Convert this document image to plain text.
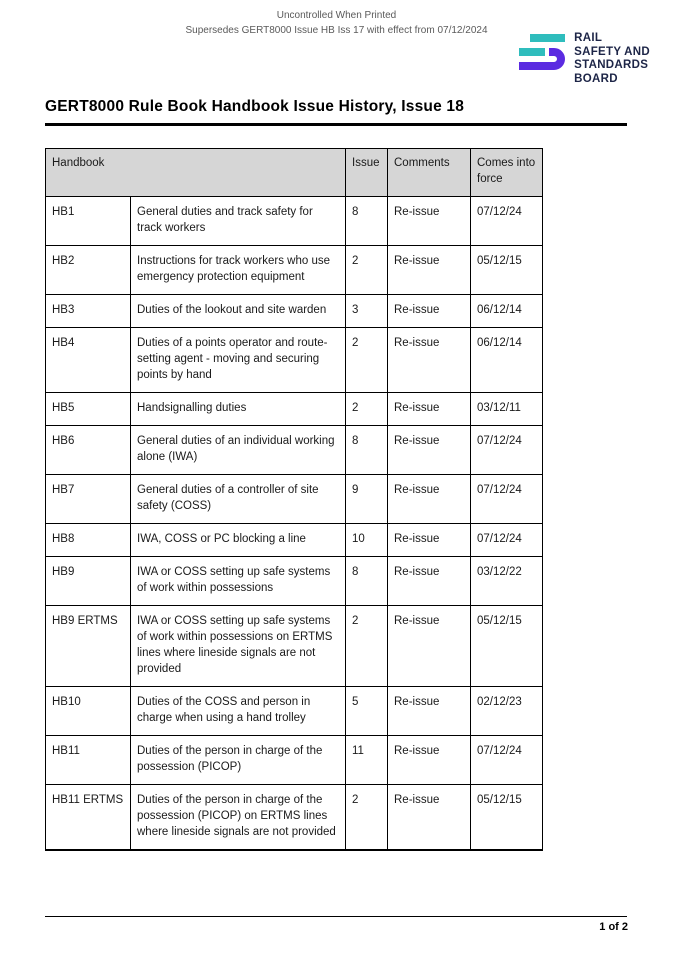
Uncontrolled When Printed
Supersedes GERT8000 Issue HB Iss 17 with effect from 07/12/2024
RAIL
SAFETY AND
STANDARDS
BOARD
GERT8000 Rule Book Handbook Issue History, Issue 18
Handbook		Issue	Comments	Comes into force
HB1	General duties and track safety for track workers	8	Re-issue	07/12/24
HB2	Instructions for track workers who use emergency protection equipment	2	Re-issue	05/12/15
HB3	Duties of the lookout and site warden	3	Re-issue	06/12/14
HB4	Duties of a points operator and route-setting agent - moving and securing points by hand	2	Re-issue	06/12/14
HB5	Handsignalling duties	2	Re-issue	03/12/11
HB6	General duties of an individual working alone (IWA)	8	Re-issue	07/12/24
HB7	General duties of a controller of site safety (COSS)	9	Re-issue	07/12/24
HB8	IWA, COSS or PC blocking a line	10	Re-issue	07/12/24
HB9	IWA or COSS setting up safe systems of work within possessions	8	Re-issue	03/12/22
HB9 ERTMS	IWA or COSS setting up safe systems of work within possessions on ERTMS lines where lineside signals are not provided	2	Re-issue	05/12/15
HB10	Duties of the COSS and person in charge when using a hand trolley	5	Re-issue	02/12/23
HB11	Duties of the person in charge of the possession (PICOP)	11	Re-issue	07/12/24
HB11 ERTMS	Duties of the person in charge of the possession (PICOP) on ERTMS lines where lineside signals are not provided	2	Re-issue	05/12/15
1 of 2
